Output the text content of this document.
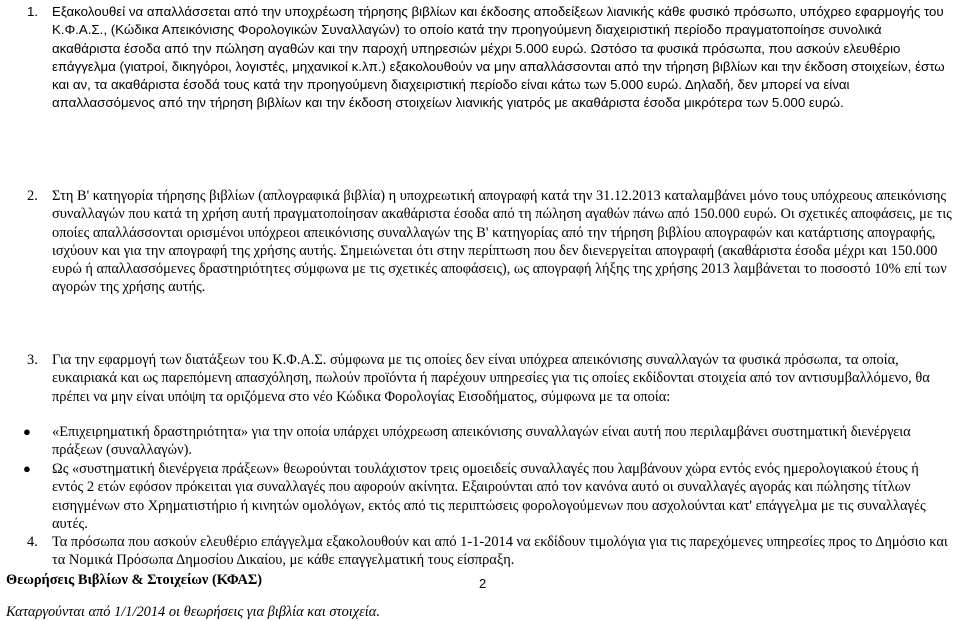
1. Εξακολουθεί να απαλλάσσεται από την υποχρέωση τήρησης βιβλίων και έκδοσης αποδείξεων λιανικής κάθε φυσικό πρόσωπο, υπόχρεο εφαρμογής του Κ.Φ.Α.Σ., (Κώδικα Απεικόνισης Φορολογικών Συναλλαγών) το οποίο κατά την προηγούμενη διαχειριστική περίοδο πραγματοποίησε συνολικά ακαθάριστα έσοδα από την πώληση αγαθών και την παροχή υπηρεσιών μέχρι 5.000 ευρώ. Ωστόσο τα φυσικά πρόσωπα, που ασκούν ελευθέριο επάγγελμα (γιατροί, δικηγόροι, λογιστές, μηχανικοί κ.λπ.) εξακολουθούν να μην απαλλάσσονται από την τήρηση βιβλίων και την έκδοση στοιχείων, έστω και αν, τα ακαθάριστα έσοδά τους κατά την προηγούμενη διαχειριστική περίοδο είναι κάτω των 5.000 ευρώ. Δηλαδή, δεν μπορεί να είναι απαλλασσόμενος από την τήρηση βιβλίων και την έκδοση στοιχείων λιανικής γιατρός με ακαθάριστα έσοδα μικρότερα των 5.000 ευρώ.
2. Στη Β' κατηγορία τήρησης βιβλίων (απλογραφικά βιβλία) η υποχρεωτική απογραφή κατά την 31.12.2013 καταλαμβάνει μόνο τους υπόχρεους απεικόνισης συναλλαγών που κατά τη χρήση αυτή πραγματοποίησαν ακαθάριστα έσοδα από τη πώληση αγαθών πάνω από 150.000 ευρώ. Οι σχετικές αποφάσεις, με τις οποίες απαλλάσσονται ορισμένοι υπόχρεοι απεικόνισης συναλλαγών της Β' κατηγορίας από την τήρηση βιβλίου απογραφών και κατάρτισης απογραφής, ισχύουν και για την απογραφή της χρήσης αυτής. Σημειώνεται ότι στην περίπτωση που δεν διενεργείται απογραφή (ακαθάριστα έσοδα μέχρι και 150.000 ευρώ ή απαλλασσόμενες δραστηριότητες σύμφωνα με τις σχετικές αποφάσεις), ως απογραφή λήξης της χρήσης 2013 λαμβάνεται το ποσοστό 10% επί των αγορών της χρήσης αυτής.
3. Για την εφαρμογή των διατάξεων του Κ.Φ.Α.Σ. σύμφωνα με τις οποίες δεν είναι υπόχρεα απεικόνισης συναλλαγών τα φυσικά πρόσωπα, τα οποία, ευκαιριακά και ως παρεπόμενη απασχόληση, πωλούν προϊόντα ή παρέχουν υπηρεσίες για τις οποίες εκδίδονται στοιχεία από τον αντισυμβαλλόμενο, θα πρέπει να μην είναι υπόψη τα οριζόμενα στο νέο Κώδικα Φορολογίας Εισοδήματος, σύμφωνα με τα οποία:
● «Επιχειρηματική δραστηριότητα» για την οποία υπάρχει υπόχρεωση απεικόνισης συναλλαγών είναι αυτή που περιλαμβάνει συστηματική διενέργεια πράξεων (συναλλαγών).
● Ως «συστηματική διενέργεια πράξεων» θεωρούνται τουλάχιστον τρεις ομοειδείς συναλλαγές που λαμβάνουν χώρα εντός ενός ημερολογιακού έτους ή εντός 2 ετών εφόσον πρόκειται για συναλλαγές που αφορούν ακίνητα. Εξαιρούνται από τον κανόνα αυτό οι συναλλαγές αγοράς και πώλησης τίτλων εισηγμένων στο Χρηματιστήριο ή κινητών ομολόγων, εκτός από τις περιπτώσεις φορολογούμενων που ασχολούνται κατ' επάγγελμα με τις συναλλαγές αυτές.
4. Τα πρόσωπα που ασκούν ελευθέριο επάγγελμα εξακολουθούν και από 1-1-2014 να εκδίδουν τιμολόγια για τις παρεχόμενες υπηρεσίες προς το Δημόσιο και τα Νομικά Πρόσωπα Δημοσίου Δικαίου, με κάθε επαγγελματική τους είσπραξη.
Θεωρήσεις Βιβλίων & Στοιχείων (ΚΦΑΣ)
Καταργούνται από 1/1/2014 οι θεωρήσεις για βιβλία και στοιχεία.
2
